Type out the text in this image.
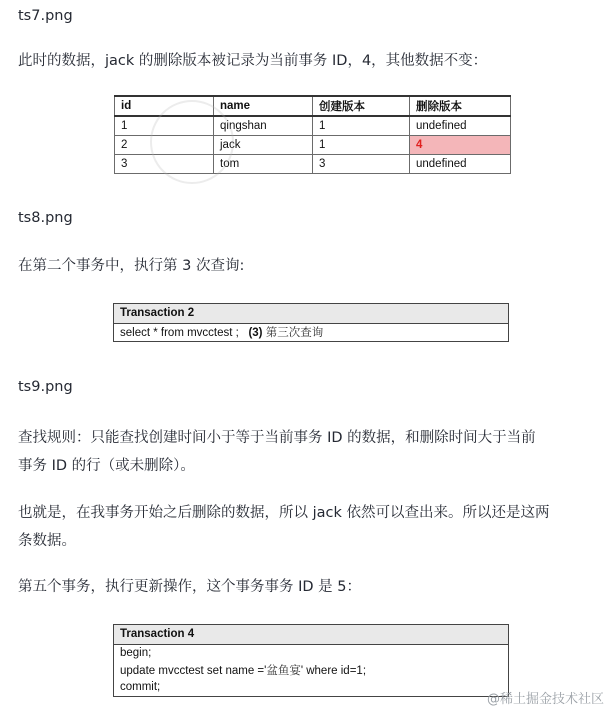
ts7.png
此时的数据，jack 的删除版本被记录为当前事务 ID，4，其他数据不变：
id	name	创建版本	删除版本
1	qingshan	1	undefined
2	jack	1	4
3	tom	3	undefined
ts8.png
在第二个事务中，执行第 3 次查询:
Transaction 2
select * from mvcctest ; (3) 第三次查询
ts9.png
查找规则：只能查找创建时间小于等于当前事务 ID 的数据，和删除时间大于当前
事务 ID 的行（或未删除）。
也就是，在我事务开始之后删除的数据，所以 jack 依然可以查出来。所以还是这两
条数据。
第五个事务，执行更新操作，这个事务事务 ID 是 5：
Transaction 4
begin;
update mvcctest set name ='盆鱼宴' where id=1;
commit;
@稀土掘金技术社区
